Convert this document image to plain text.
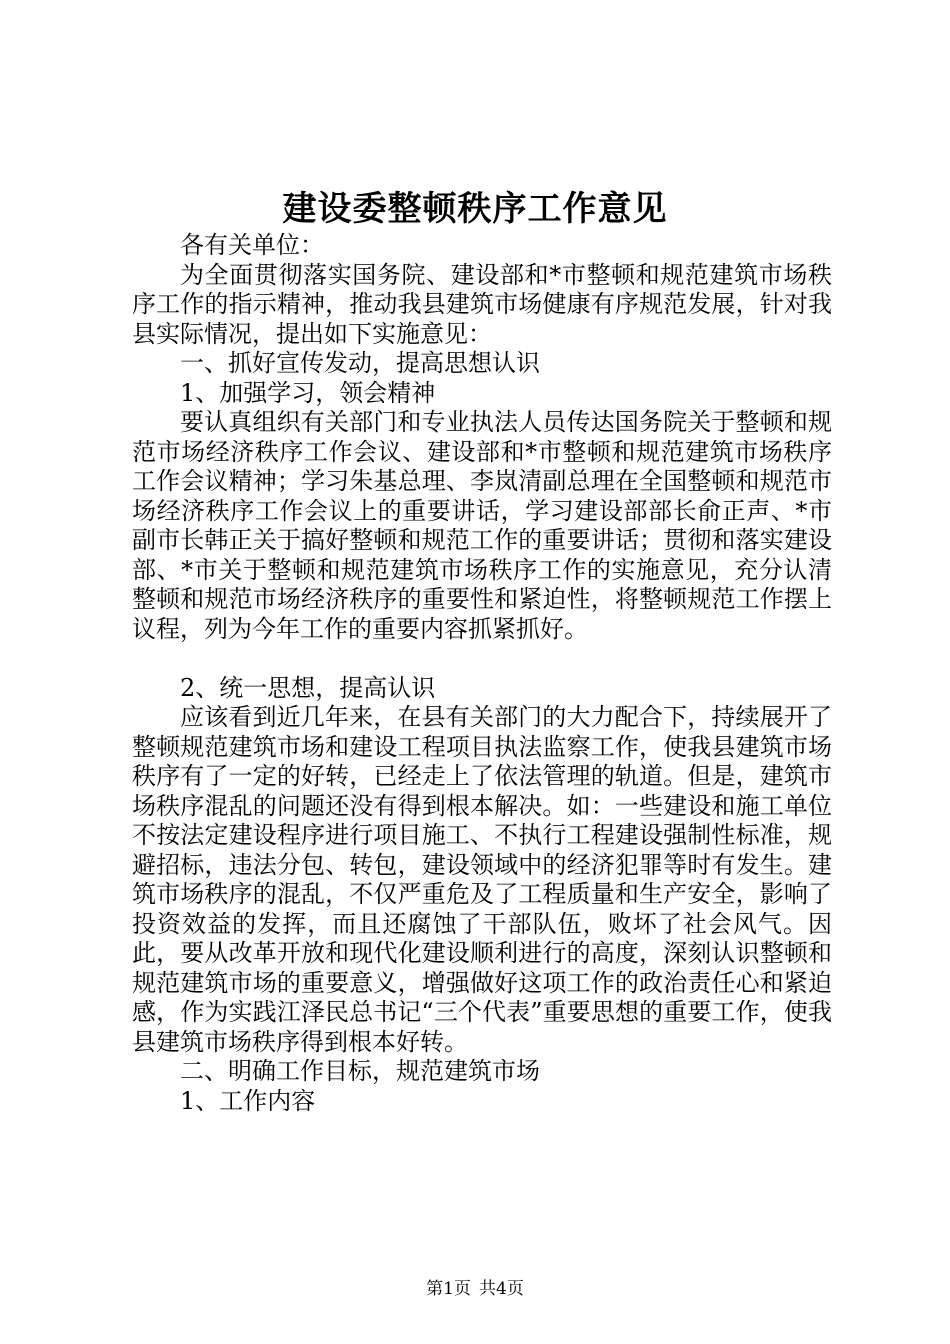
建设委整顿秩序工作意见

各有关单位：

为全面贯彻落实国务院、建设部和*市整顿和规范建筑市场秩序工作的指示精神，推动我县建筑市场健康有序规范发展，针对我县实际情况，提出如下实施意见：

一、抓好宣传发动，提高思想认识

1、加强学习，领会精神

要认真组织有关部门和专业执法人员传达国务院关于整顿和规范市场经济秩序工作会议、建设部和*市整顿和规范建筑市场秩序工作会议精神；学习朱基总理、李岚清副总理在全国整顿和规范市场经济秩序工作会议上的重要讲话，学习建设部部长俞正声、*市副市长韩正关于搞好整顿和规范工作的重要讲话；贯彻和落实建设部、*市关于整顿和规范建筑市场秩序工作的实施意见，充分认清整顿和规范市场经济秩序的重要性和紧迫性，将整顿规范工作摆上议程，列为今年工作的重要内容抓紧抓好。

2、统一思想，提高认识

应该看到近几年来，在县有关部门的大力配合下，持续展开了整顿规范建筑市场和建设工程项目执法监察工作，使我县建筑市场秩序有了一定的好转，已经走上了依法管理的轨道。但是，建筑市场秩序混乱的问题还没有得到根本解决。如：一些建设和施工单位不按法定建设程序进行项目施工、不执行工程建设强制性标准，规避招标，违法分包、转包，建设领域中的经济犯罪等时有发生。建筑市场秩序的混乱，不仅严重危及了工程质量和生产安全，影响了投资效益的发挥，而且还腐蚀了干部队伍，败坏了社会风气。因此，要从改革开放和现代化建设顺利进行的高度，深刻认识整顿和规范建筑市场的重要意义，增强做好这项工作的政治责任心和紧迫感，作为实践江泽民总书记“三个代表”重要思想的重要工作，使我县建筑市场秩序得到根本好转。

二、明确工作目标，规范建筑市场

1、工作内容

第1页 共4页
